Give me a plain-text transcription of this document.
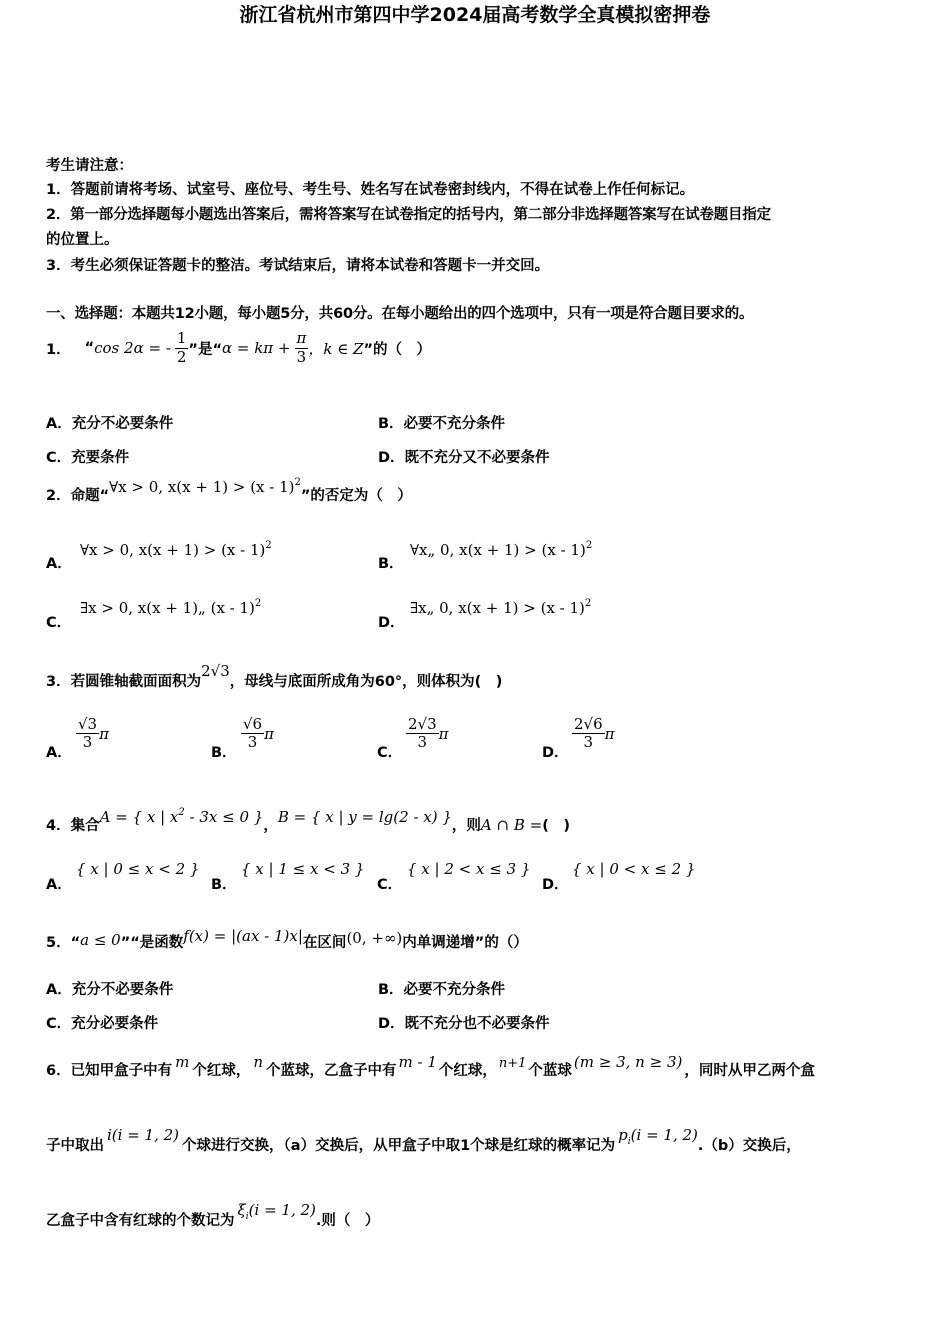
浙江省杭州市第四中学2024届高考数学全真模拟密押卷
考生请注意：
1．答题前请将考场、试室号、座位号、考生号、姓名写在试卷密封线内，不得在试卷上作任何标记。
2．第一部分选择题每小题选出答案后，需将答案写在试卷指定的括号内，第二部分非选择题答案写在试卷题目指定
的位置上。
3．考生必须保证答题卡的整洁。考试结束后，请将本试卷和答题卡一并交回。
一、选择题：本题共12小题，每小题5分，共60分。在每小题给出的四个选项中，只有一项是符合题目要求的。
1． “ cos 2α = - $\frac{1}{2}$ ”是“ $\alpha = k\pi + \frac{\pi}{3}$ ，k ∈ Z ”的（　）
A．充分不必要条件	B．必要不充分条件
C．充要条件	D．既不充分又不必要条件
2．命题“∀x > 0, x(x + 1) > (x - 1)$^2$”的否定为（　）
A．
∀x > 0, x(x + 1) > (x - 1)$^2$
B．
∀x„ 0, x(x + 1) > (x - 1)$^2$
C．
∃x > 0, x(x + 1)„ (x - 1)$^2$
D．
∃x„ 0, x(x + 1) > (x - 1)$^2$
3．若圆锥轴截面面积为2√3，母线与底面所成角为60°，则体积为(　)
A．
$\frac{√3}{3}$ π
B．
$\frac{√6}{3}$ π
C．
$\frac{2√3}{3}$ π
D．
$\frac{2√6}{3}$ π
4．集合A = { x | $x^2 - 3x \le 0$ }，B = { x | y = lg(2 - x) }，则A ∩ B =(　)
A．
{ x | 0 ≤ x < 2 }
B．
{ x | 1 ≤ x < 3 }
C．
{ x | 2 < x ≤ 3 }
D．
{ x | 0 < x ≤ 2 }
5．“a ≤ 0”“是函数f(x) = |(ax - 1)x|在区间(0, +∞)内单调递增”的（）
A．充分不必要条件	B．必要不充分条件
C．充分必要条件	D．既不充分也不必要条件
6．已知甲盒子中有 m 个红球， n 个蓝球，乙盒子中有 m - 1 个红球， n+1 个蓝球 (m ≥ 3, n ≥ 3) ，同时从甲乙两个盒
子中取出i(i = 1, 2)个球进行交换，（a）交换后，从甲盒子中取1个球是红球的概率记为$p_i(i = 1$, 2).（b）交换后，
乙盒子中含有红球的个数记为$\xi_i(i = 1$, 2).则（　）
